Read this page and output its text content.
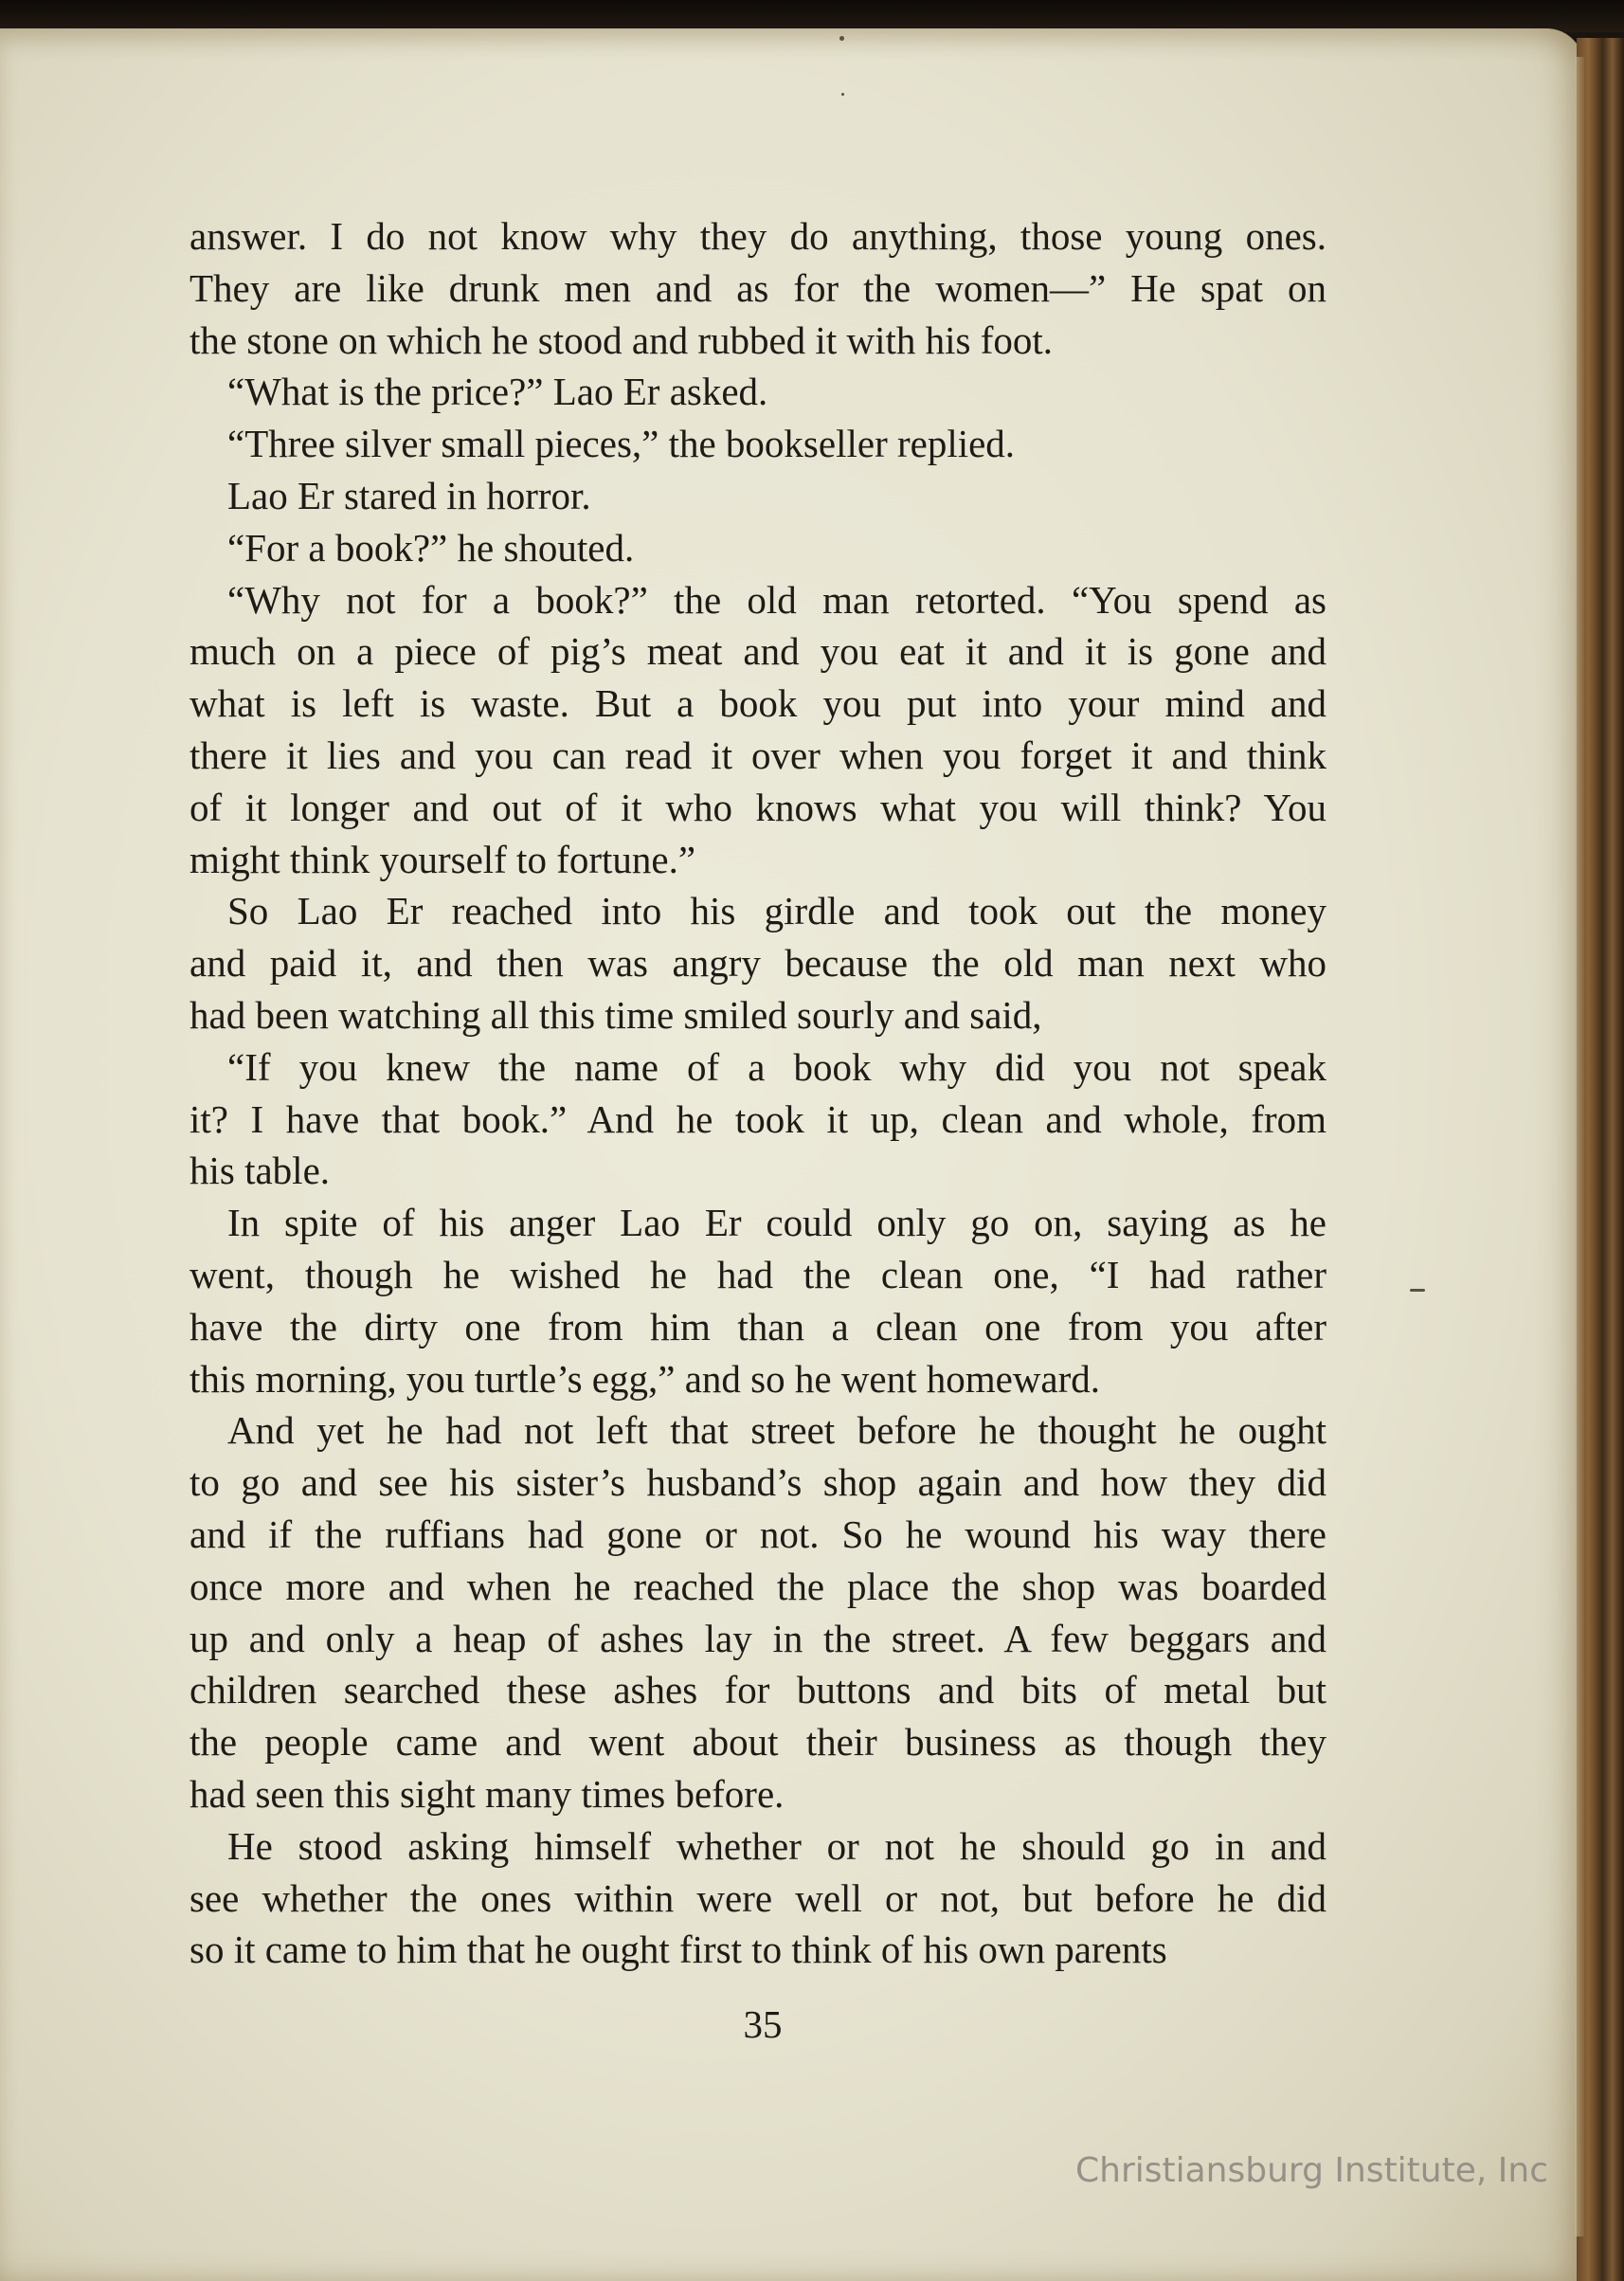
answer. I do not know why they do anything, those young ones.
They are like drunk men and as for the women—” He spat on
the stone on which he stood and rubbed it with his foot.
“What is the price?” Lao Er asked.
“Three silver small pieces,” the bookseller replied.
Lao Er stared in horror.
“For a book?” he shouted.
“Why not for a book?” the old man retorted. “You spend as
much on a piece of pig’s meat and you eat it and it is gone and
what is left is waste. But a book you put into your mind and
there it lies and you can read it over when you forget it and think
of it longer and out of it who knows what you will think? You
might think yourself to fortune.”
So Lao Er reached into his girdle and took out the money
and paid it, and then was angry because the old man next who
had been watching all this time smiled sourly and said,
“If you knew the name of a book why did you not speak
it? I have that book.” And he took it up, clean and whole, from
his table.
In spite of his anger Lao Er could only go on, saying as he
went, though he wished he had the clean one, “I had rather
have the dirty one from him than a clean one from you after
this morning, you turtle’s egg,” and so he went homeward.
And yet he had not left that street before he thought he ought
to go and see his sister’s husband’s shop again and how they did
and if the ruffians had gone or not. So he wound his way there
once more and when he reached the place the shop was boarded
up and only a heap of ashes lay in the street. A few beggars and
children searched these ashes for buttons and bits of metal but
the people came and went about their business as though they
had seen this sight many times before.
He stood asking himself whether or not he should go in and
see whether the ones within were well or not, but before he did
so it came to him that he ought first to think of his own parents
35
Christiansburg Institute, Inc
